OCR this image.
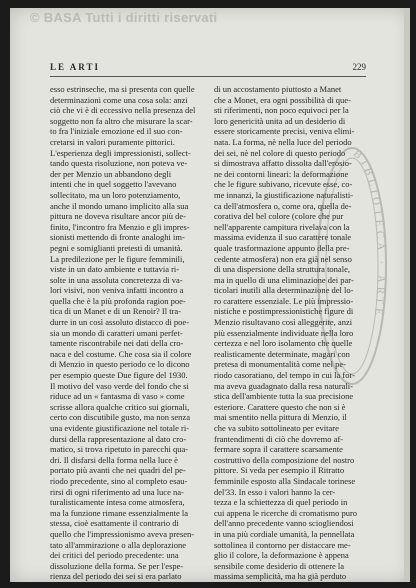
© BASA Tutti i diritti riservati
LE ARTI	229
esso estrinseche, ma si presenta con quelle
determinazioni come una cosa sola: anzi
ciò che vi è di eccessivo nella presenza del
soggetto non fa altro che misurare la scar-
to fra l'iniziale emozione ed il suo con-
cretarsi in valori puramente pittorici.
L'esperienza degli impressionisti, sollect-
tando questa risoluzione, non poteva ve-
der per Menzio un abbandono degli
intenti che in quel soggetto l'avevano
sollecitato, ma un loro potenziamento,
anche il mondo umano implicito alla sua
pittura ne doveva risultare ancor più de-
finito, l'incontro fra Menzio e gli impres-
sionisti mettendo di fronte analoghi im-
pegni e somiglianti pretesti di umanità.
La predilezione per le figure femminili,
viste in un dato ambiente e tuttavia ri-
solte in una assoluta concretezza di va-
lori visivi, non veniva infatti incontro a
quella che è la più profonda ragion poe-
tica di un Manet e di un Renoir? Il tra-
durre in un così assoluto distacco di poe-
sia un mondo di caratteri umani perfet-
tamente riscontrabile nei dati della cro-
naca e del costume. Che cosa sia il colore
di Menzio in questo periodo ce lo dicono
per esempio queste Due figure del 1930.
Il motivo del vaso verde del fondo che si
riduce ad un « fantasma di vaso » come
scrisse allora qualche critico sui giornali,
certo con discutibile gusto, ma non senza
una evidente giustificazione nel totale ri-
dursi della rappresentazione al dato cro-
matico, si trova ripetuto in parecchi qua-
dri. Il disfarsi della forma nella luce è
portato più avanti che nei quadri del pe-
riodo precedente, sino al completo esau-
rirsi di ogni riferimento ad una luce na-
turalisticamente intesa come atmosfera,
ma la funzione rimane essenzialmente la
stessa, cioè esattamente il contrario di
quello che l'impressionismo aveva presen-
tato all'ammirazione o alla deplorazione
dei critici del periodo precedente: una
dissoluzione della forma. Se per l'espe-
rienza del periodo dei sei si era parlato
di un accostamento piuttosto a Manet
che a Monet, era ogni possibilità di que-
sti riferimenti, non poco equivoci per la
loro genericità unita ad un desiderio di
essere storicamente precisi, veniva elimi-
nata. La forma, nè nella luce del periodo
dei sei, nè nel colore di questo periodo
si dimostrava affatto dissolta dall'erosio-
ne dei contorni lineari: la deformazione
che le figure subivano, ricevute esse, co-
me innanzi, la giustificazione naturalisti-
ca dell'atmosfera o, come ora, quella de-
corativa del bel colore (colore che pur
nell'apparente campitura rivelava con la
massima evidenza il suo carattere tonale
quale trasformazione appunto della pre-
cedente atmosfera) non era già nel senso
di una dispersione della struttura tonale,
ma in quello di una eliminazione dei par-
ticolari inutili alla determinazione del lo-
ro carattere essenziale. Le più impressio-
nistiche e postimpressionistiche figure di
Menzio risultavano così alleggerite, anzi
più essenzialmente individuate nella loro
certezza e nel loro isolamento che quelle
realisticamente determinate, magari con
pretesa di monumentalità come nel pe-
riodo casoratiano, del tempo in cui la for-
ma aveva guadagnato dalla resa naturali-
stica dell'ambiente tutta la sua precisione
esteriore. Carattere questo che non si è
mai smentito nella pittura di Menzio, il
che va subito sottolineato per evitare
frantendimenti di ciò che dovremo af-
fermare sopra il carattere scarsamente
costruttivo della composizione del nostro
pittore. Si veda per esempio il Ritratto
femminile esposto alla Sindacale torinese
del'33. In esso i valori hanno la cer-
tezza e la schiettezza di quel periodo in
cui appena le ricerche di cromatismo puro
dell'anno precedente vanno sciogliendosi
in una più cordiale umanità, la pennellata
sottolinea il contorno per distaccare me-
glio il colore, la deformazione è appena
sensibile come desiderio di ottenere la
massima semplicità, ma ha già perduto
BIBLIOTECA · ARTE
